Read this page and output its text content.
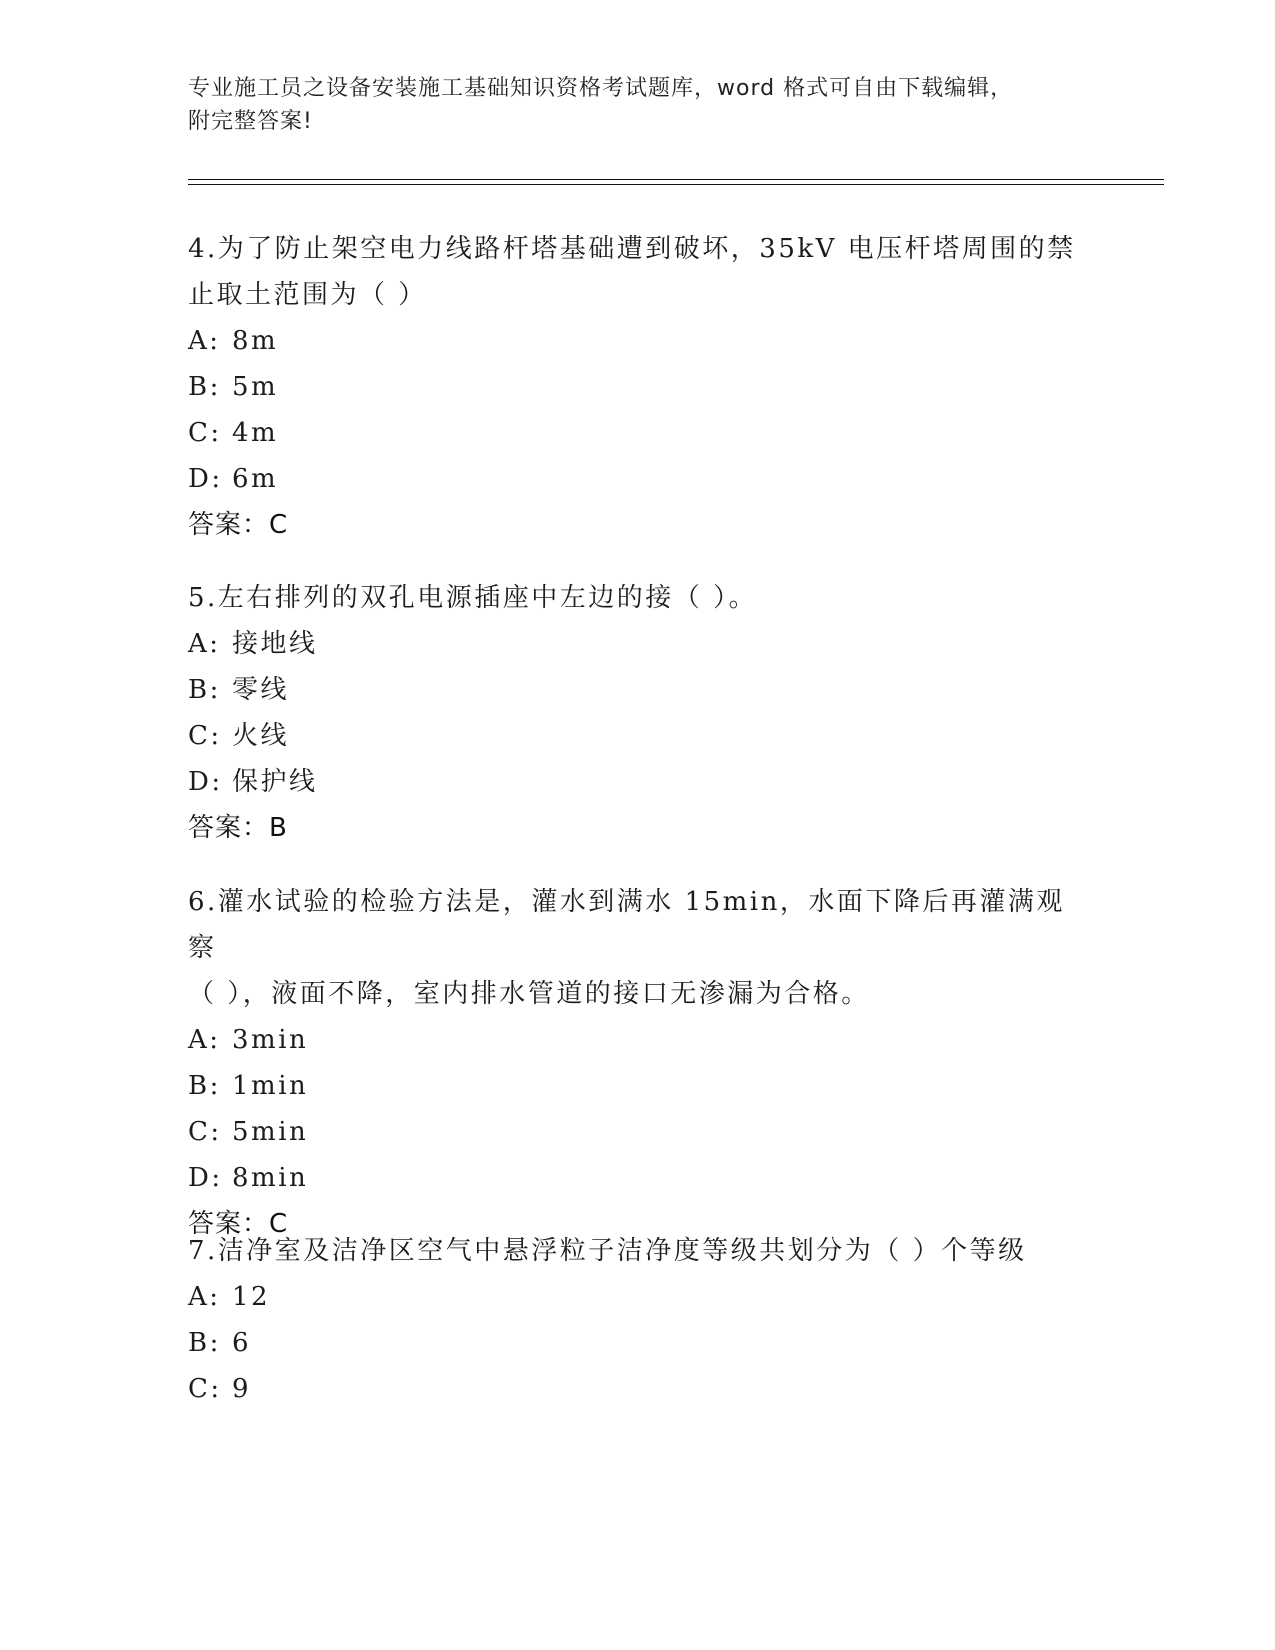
专业施工员之设备安装施工基础知识资格考试题库，word 格式可自由下载编辑，
附完整答案!

4.为了防止架空电力线路杆塔基础遭到破坏，35kV 电压杆塔周围的禁
止取土范围为（ ）

A: 8m
B: 5m
C: 4m
D: 6m

答案：C

5.左右排列的双孔电源插座中左边的接（ ）。

A: 接地线
B: 零线
C: 火线
D: 保护线

答案：B

6.灌水试验的检验方法是，灌水到满水 15min，水面下降后再灌满观察
（ ），液面不降，室内排水管道的接口无渗漏为合格。

A: 3min
B: 1min
C: 5min
D: 8min

答案：C

7.洁净室及洁净区空气中悬浮粒子洁净度等级共划分为（ ）个等级

A: 12
B: 6
C: 9
